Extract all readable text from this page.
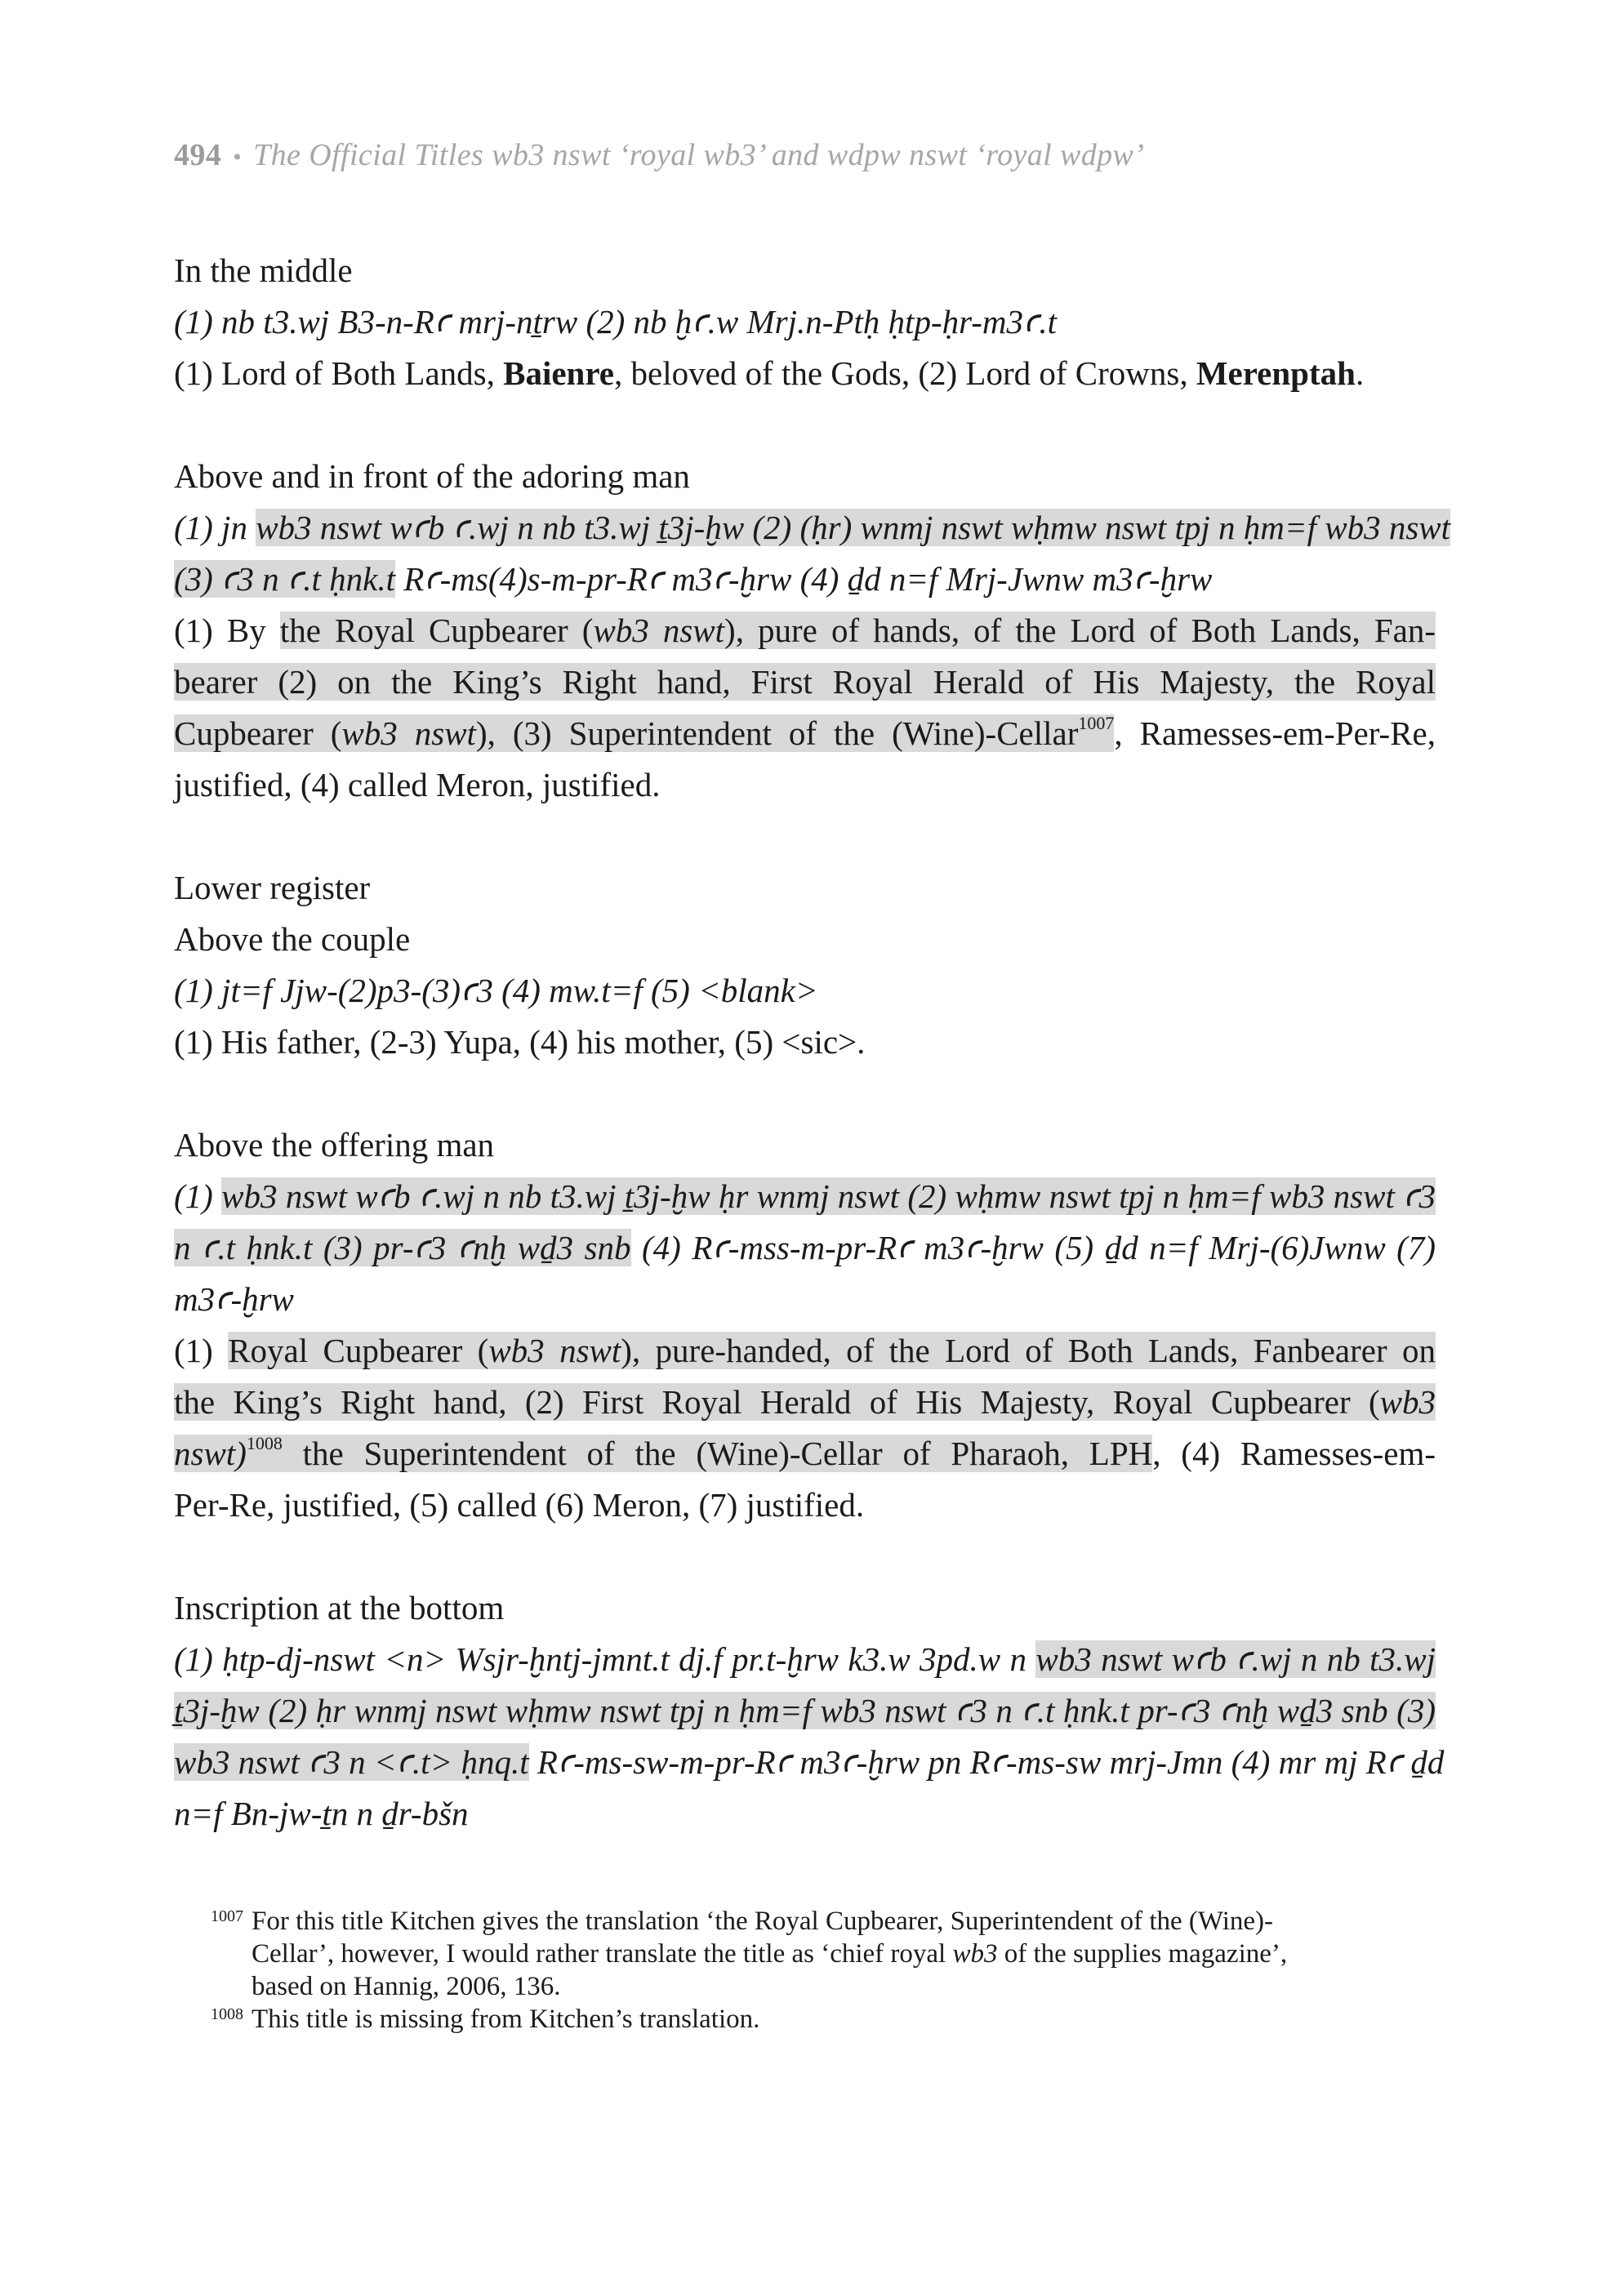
494 • The Official Titles wb3 nswt ‘royal wb3’ and wdpw nswt ‘royal wdpw’
In the middle
(1) nb t3.wj B3-n-Rꜥ mrj-nṯrw (2) nb ḫꜥ.w Mrj.n-Ptḥ ḥtp-ḥr-m3ꜥ.t
(1) Lord of Both Lands, Baienre, beloved of the Gods, (2) Lord of Crowns, Merenptah.
Above and in front of the adoring man
(1) jn wb3 nswt wꜥb ꜥ.wj n nb t3.wj ṯ3j-ḫw (2) (ḥr) wnmj nswt wḥmw nswt tpj n ḥm=f wb3 nswt
(3) ꜥ3 n ꜥ.t ḥnk.t Rꜥ-ms(4)s-m-pr-Rꜥ m3ꜥ-ḫrw (4) ḏd n=f Mrj-Jwnw m3ꜥ-ḫrw
(1) By the Royal Cupbearer (wb3 nswt), pure of hands, of the Lord of Both Lands, Fan-
bearer (2) on the King’s Right hand, First Royal Herald of His Majesty, the Royal
Cupbearer (wb3 nswt), (3) Superintendent of the (Wine)-Cellar$^{1007}$, Ramesses-em-Per-Re,
justified, (4) called Meron, justified.
Lower register
Above the couple
(1) jt=f Jjw-(2)p3-(3)ꜥ3 (4) mw.t=f (5) <blank>
(1) His father, (2-3) Yupa, (4) his mother, (5) <sic>.
Above the offering man
(1) wb3 nswt wꜥb ꜥ.wj n nb t3.wj ṯ3j-ḫw ḥr wnmj nswt (2) wḥmw nswt tpj n ḥm=f wb3 nswt ꜥ3
n ꜥ.t ḥnk.t (3) pr-ꜥ3 ꜥnḫ wḏ3 snb (4) Rꜥ-mss-m-pr-Rꜥ m3ꜥ-ḫrw (5) ḏd n=f Mrj-(6)Jwnw (7)
m3ꜥ-ḫrw
(1) Royal Cupbearer (wb3 nswt), pure-handed, of the Lord of Both Lands, Fanbearer on
the King’s Right hand, (2) First Royal Herald of His Majesty, Royal Cupbearer (wb3
nswt)$^{1008}$ the Superintendent of the (Wine)-Cellar of Pharaoh, LPH, (4) Ramesses-em-
Per-Re, justified, (5) called (6) Meron, (7) justified.
Inscription at the bottom
(1) ḥtp-dj-nswt <n> Wsjr-ḫntj-jmnt.t dj.f pr.t-ḫrw k3.w 3pd.w n wb3 nswt wꜥb ꜥ.wj n nb t3.wj
ṯ3j-ḫw (2) ḥr wnmj nswt wḥmw nswt tpj n ḥm=f wb3 nswt ꜥ3 n ꜥ.t ḥnk.t pr-ꜥ3 ꜥnḫ wḏ3 snb (3)
wb3 nswt ꜥ3 n <ꜥ.t> ḥnq.t Rꜥ-ms-sw-m-pr-Rꜥ m3ꜥ-ḫrw pn Rꜥ-ms-sw mrj-Jmn (4) mr mj Rꜥ ḏd
n=f Bn-jw-ṯn n ḏr-bšn
1007 For this title Kitchen gives the translation ‘the Royal Cupbearer, Superintendent of the (Wine)-
Cellar’, however, I would rather translate the title as ‘chief royal wb3 of the supplies magazine’,
based on Hannig, 2006, 136.
1008 This title is missing from Kitchen’s translation.
